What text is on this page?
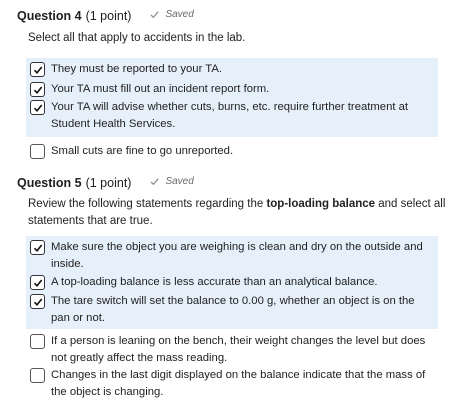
Question 4 (1 point)	Saved
Select all that apply to accidents in the lab.
They must be reported to your TA.
Your TA must fill out an incident report form.
Your TA will advise whether cuts, burns, etc. require further treatment at Student Health Services.
Small cuts are fine to go unreported.
Question 5 (1 point)	Saved
Review the following statements regarding the top-loading balance and select all statements that are true.
Make sure the object you are weighing is clean and dry on the outside and inside.
A top-loading balance is less accurate than an analytical balance.
The tare switch will set the balance to 0.00 g, whether an object is on the pan or not.
If a person is leaning on the bench, their weight changes the level but does not greatly affect the mass reading.
Changes in the last digit displayed on the balance indicate that the mass of the object is changing.
